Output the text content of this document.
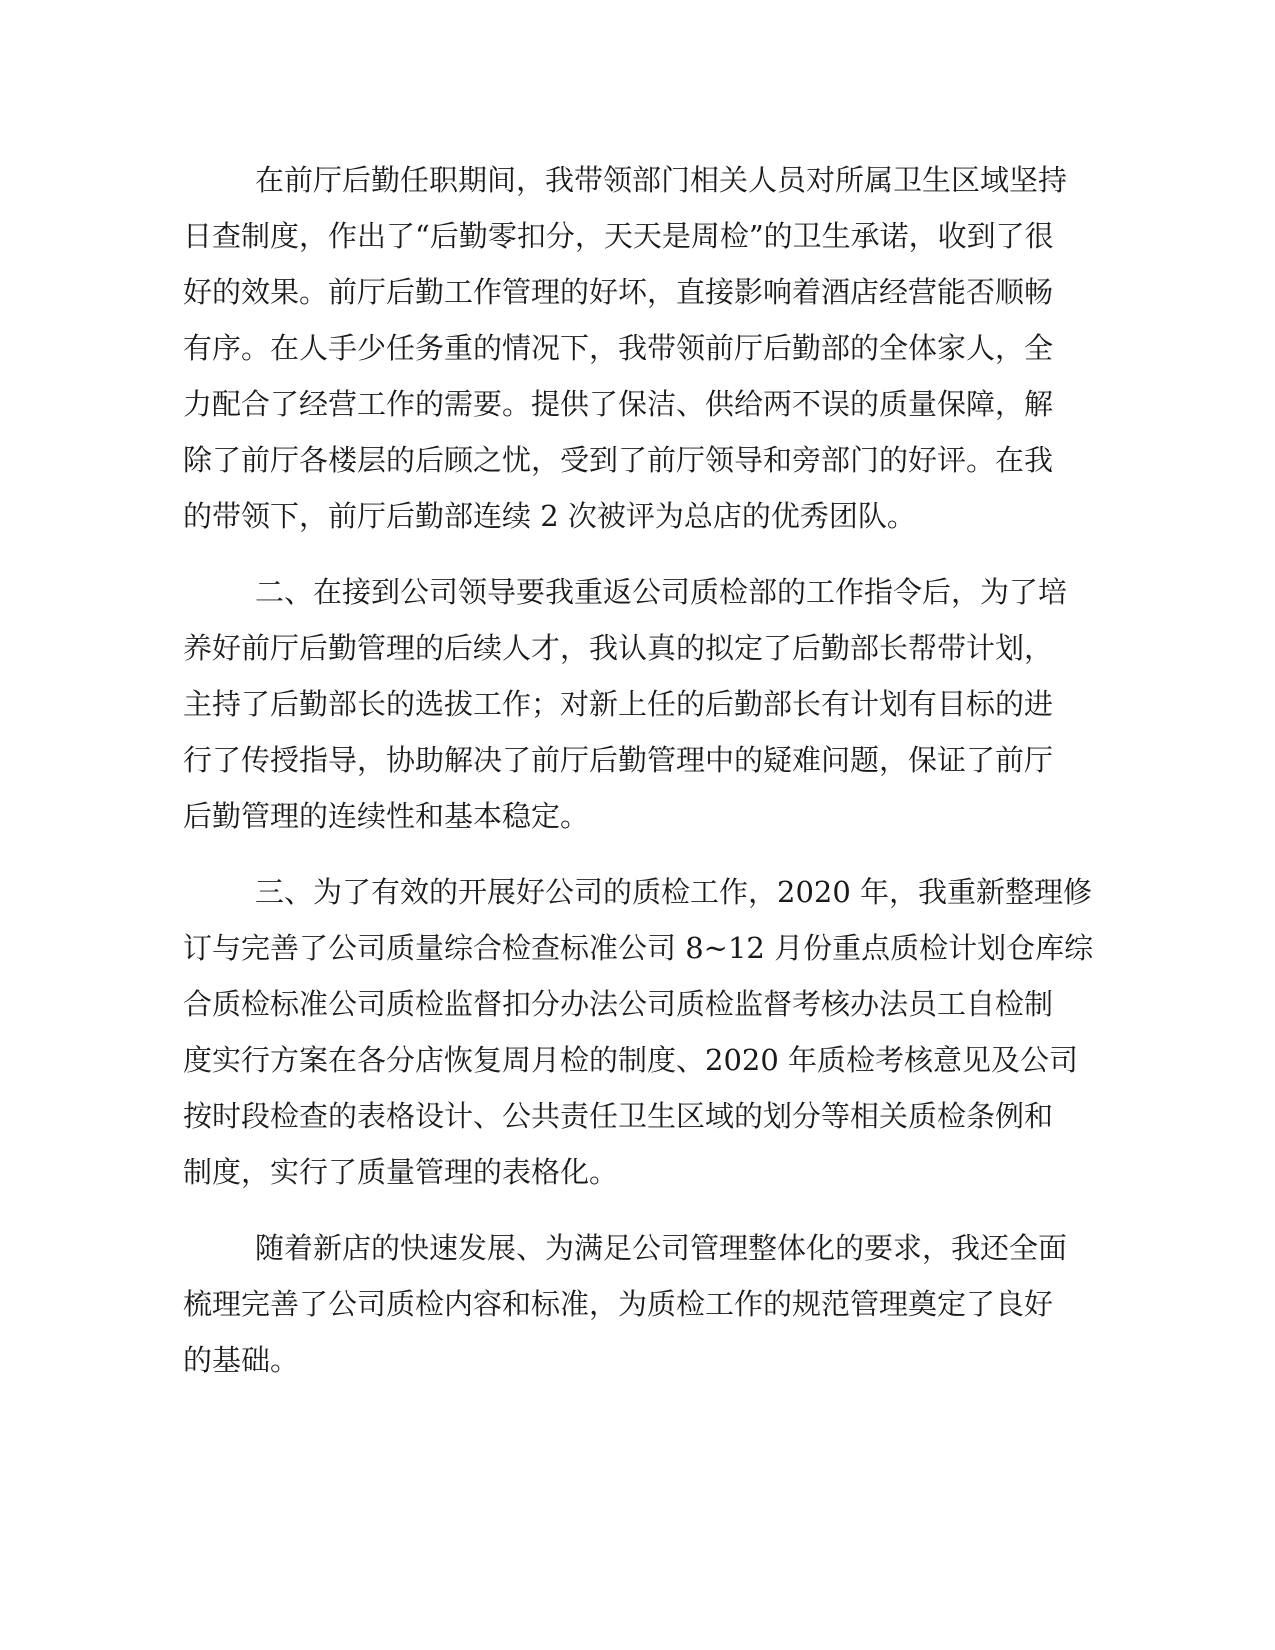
在前厅后勤任职期间，我带领部门相关人员对所属卫生区域坚持
日查制度，作出了“后勤零扣分，天天是周检”的卫生承诺，收到了很
好的效果。前厅后勤工作管理的好坏，直接影响着酒店经营能否顺畅
有序。在人手少任务重的情况下，我带领前厅后勤部的全体家人，全
力配合了经营工作的需要。提供了保洁、供给两不误的质量保障，解
除了前厅各楼层的后顾之忧，受到了前厅领导和旁部门的好评。在我
的带领下，前厅后勤部连续 2 次被评为总店的优秀团队。
二、在接到公司领导要我重返公司质检部的工作指令后，为了培
养好前厅后勤管理的后续人才，我认真的拟定了后勤部长帮带计划，
主持了后勤部长的选拔工作；对新上任的后勤部长有计划有目标的进
行了传授指导，协助解决了前厅后勤管理中的疑难问题，保证了前厅
后勤管理的连续性和基本稳定。
三、为了有效的开展好公司的质检工作，2020 年，我重新整理修
订与完善了公司质量综合检查标准公司 8~12 月份重点质检计划仓库综
合质检标准公司质检监督扣分办法公司质检监督考核办法员工自检制
度实行方案在各分店恢复周月检的制度、2020 年质检考核意见及公司
按时段检查的表格设计、公共责任卫生区域的划分等相关质检条例和
制度，实行了质量管理的表格化。
随着新店的快速发展、为满足公司管理整体化的要求，我还全面
梳理完善了公司质检内容和标准，为质检工作的规范管理奠定了良好
的基础。
